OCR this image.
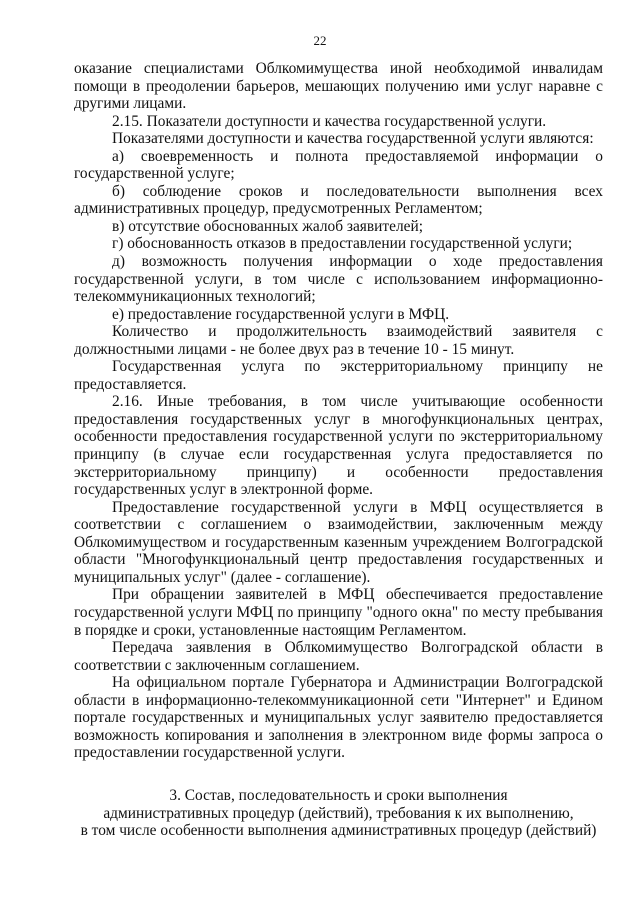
22

оказание специалистами Облкомимущества иной необходимой инвалидам помощи в преодолении барьеров, мешающих получению ими услуг наравне с другими лицами.

2.15. Показатели доступности и качества государственной услуги.

Показателями доступности и качества государственной услуги являются:

а) своевременность и полнота предоставляемой информации о государственной услуге;

б) соблюдение сроков и последовательности выполнения всех административных процедур, предусмотренных Регламентом;

в) отсутствие обоснованных жалоб заявителей;

г) обоснованность отказов в предоставлении государственной услуги;

д) возможность получения информации о ходе предоставления государственной услуги, в том числе с использованием информационно-телекоммуникационных технологий;

е) предоставление государственной услуги в МФЦ.

Количество и продолжительность взаимодействий заявителя с должностными лицами - не более двух раз в течение 10 - 15 минут.

Государственная услуга по экстерриториальному принципу не предоставляется.

2.16. Иные требования, в том числе учитывающие особенности предоставления государственных услуг в многофункциональных центрах, особенности предоставления государственной услуги по экстерриториальному принципу (в случае если государственная услуга предоставляется по экстерриториальному принципу) и особенности предоставления государственных услуг в электронной форме.

Предоставление государственной услуги в МФЦ осуществляется в соответствии с соглашением о взаимодействии, заключенным между Облкомимуществом и государственным казенным учреждением Волгоградской области "Многофункциональный центр предоставления государственных и муниципальных услуг" (далее - соглашение).

При обращении заявителей в МФЦ обеспечивается предоставление государственной услуги МФЦ по принципу "одного окна" по месту пребывания в порядке и сроки, установленные настоящим Регламентом.

Передача заявления в Облкомимущество Волгоградской области в соответствии с заключенным соглашением.

На официальном портале Губернатора и Администрации Волгоградской области в информационно-телекоммуникационной сети "Интернет" и Едином портале государственных и муниципальных услуг заявителю предоставляется возможность копирования и заполнения в электронном виде формы запроса о предоставлении государственной услуги.

3. Состав, последовательность и сроки выполнения
административных процедур (действий), требования к их выполнению,
в том числе особенности выполнения административных процедур (действий)
